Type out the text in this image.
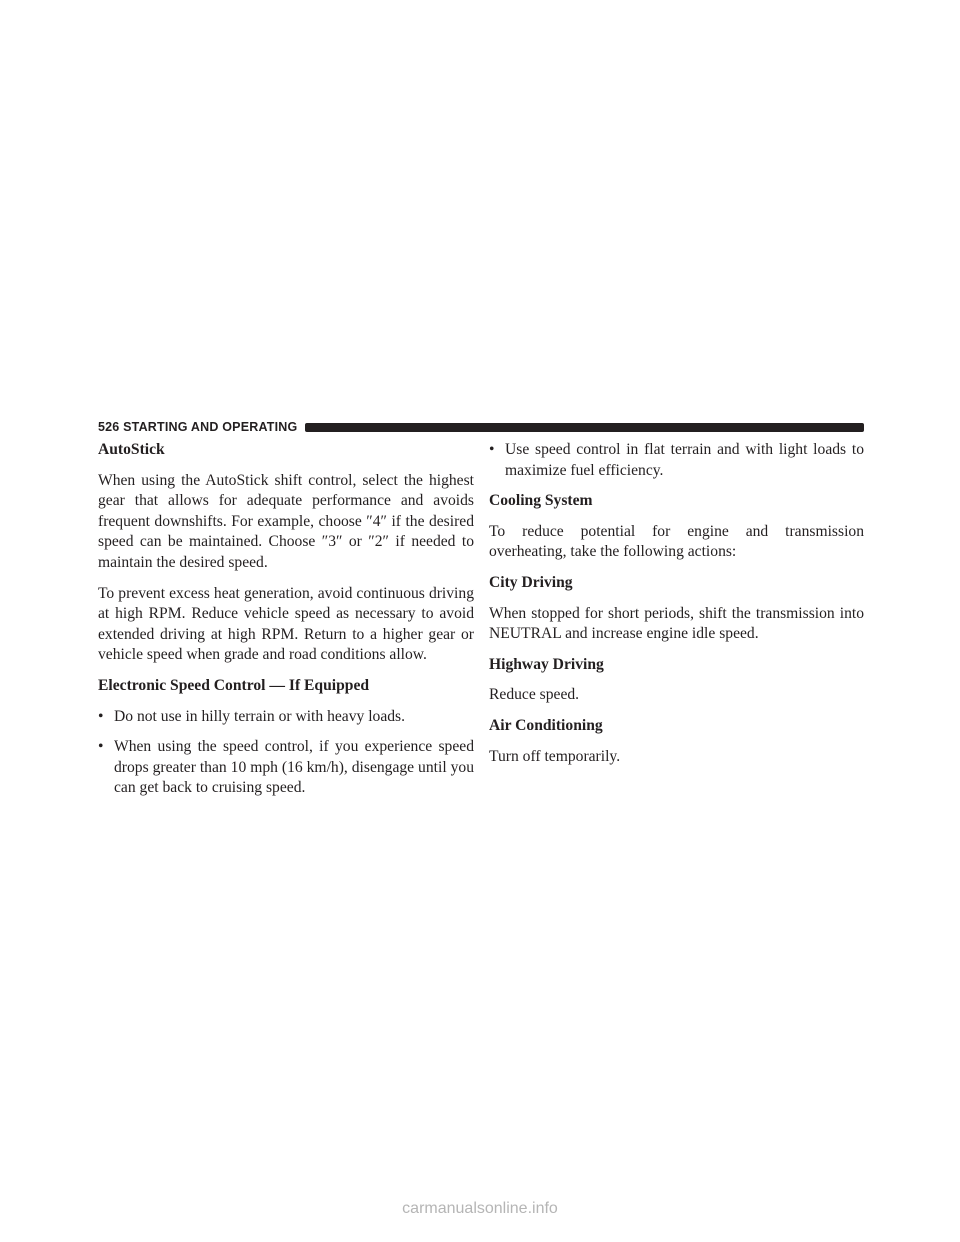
526 STARTING AND OPERATING
AutoStick

When using the AutoStick shift control, select the highest gear that allows for adequate performance and avoids frequent downshifts. For example, choose ″4″ if the desired speed can be maintained. Choose ″3″ or ″2″ if needed to maintain the desired speed.

To prevent excess heat generation, avoid continuous driving at high RPM. Reduce vehicle speed as necessary to avoid extended driving at high RPM. Return to a higher gear or vehicle speed when grade and road conditions allow.

Electronic Speed Control — If Equipped
• Do not use in hilly terrain or with heavy loads.
• When using the speed control, if you experience speed drops greater than 10 mph (16 km/h), disengage until you can get back to cruising speed.
• Use speed control in flat terrain and with light loads to maximize fuel efficiency.
Cooling System

To reduce potential for engine and transmission overheating, take the following actions:

City Driving

When stopped for short periods, shift the transmission into NEUTRAL and increase engine idle speed.

Highway Driving

Reduce speed.

Air Conditioning

Turn off temporarily.

carmanualsonline.info
